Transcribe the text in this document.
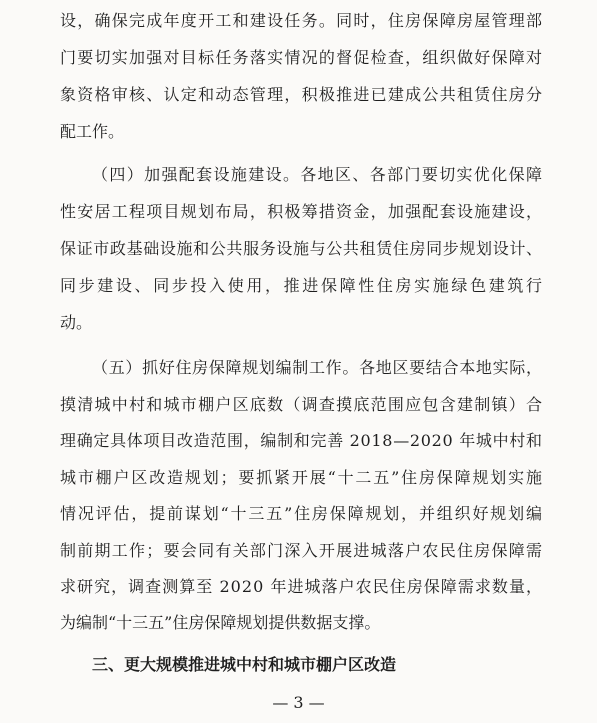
设，确保完成年度开工和建设任务。同时，住房保障房屋管理部
门要切实加强对目标任务落实情况的督促检查，组织做好保障对
象资格审核、认定和动态管理，积极推进已建成公共租赁住房分
配工作。
（四）加强配套设施建设。各地区、各部门要切实优化保障
性安居工程项目规划布局，积极筹措资金，加强配套设施建设，
保证市政基础设施和公共服务设施与公共租赁住房同步规划设计、
同步建设、同步投入使用，推进保障性住房实施绿色建筑行
动。
（五）抓好住房保障规划编制工作。各地区要结合本地实际，
摸清城中村和城市棚户区底数（调查摸底范围应包含建制镇）合
理确定具体项目改造范围，编制和完善 2018—2020 年城中村和
城市棚户区改造规划；要抓紧开展“十二五”住房保障规划实施
情况评估，提前谋划“十三五”住房保障规划，并组织好规划编
制前期工作；要会同有关部门深入开展进城落户农民住房保障需
求研究，调查测算至 2020 年进城落户农民住房保障需求数量，
为编制“十三五”住房保障规划提供数据支撑。
三、更大规模推进城中村和城市棚户区改造
— 3 —
